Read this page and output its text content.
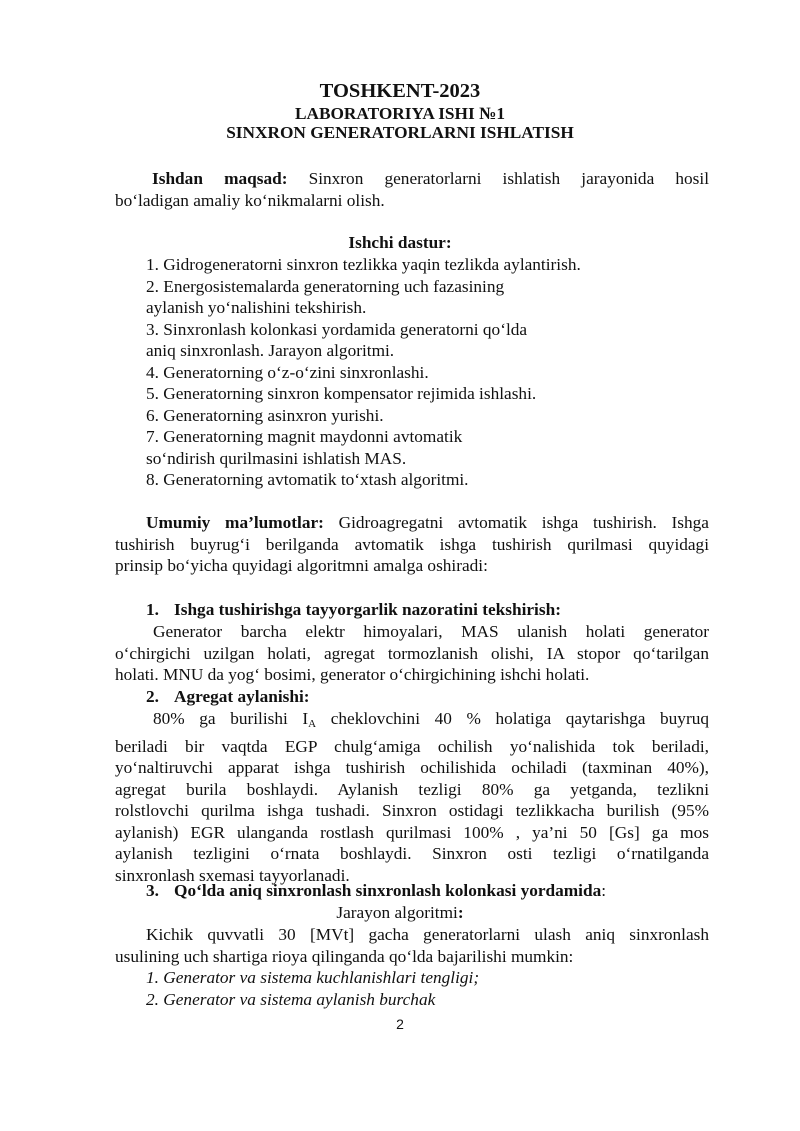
TOSHKENT-2023
LABORATORIYA ISHI №1
SINXRON GENERATORLARNI ISHLATISH
Ishdan maqsad: Sinxron generatorlarni ishlatish jarayonida hosil
bo‘ladigan amaliy ko‘nikmalarni olish.
Ishchi dastur:
1. Gidrogeneratorni sinxron tezlikka yaqin tezlikda aylantirish.
2. Energosistemalarda generatorning uch fazasining
aylanish yo‘nalishini tekshirish.
3. Sinxronlash kolonkasi yordamida generatorni qo‘lda
aniq sinxronlash. Jarayon algoritmi.
4. Generatorning o‘z-o‘zini sinxronlashi.
5. Generatorning sinxron kompensator rejimida ishlashi.
6. Generatorning asinxron yurishi.
7. Generatorning magnit maydonni avtomatik
so‘ndirish qurilmasini ishlatish MAS.
8. Generatorning avtomatik to‘xtash algoritmi.
Umumiy ma’lumotlar: Gidroagregatni avtomatik ishga tushirish. Ishga
tushirish buyrug‘i berilganda avtomatik ishga tushirish qurilmasi quyidagi
prinsip bo‘yicha quyidagi algoritmni amalga oshiradi:
1. Ishga tushirishga tayyorgarlik nazoratini tekshirish:
Generator barcha elektr himoyalari, MAS ulanish holati generator
o‘chirgichi uzilgan holati, agregat tormozlanish olishi, IA stopor qo‘tarilgan
holati. MNU da yog‘ bosimi, generator o‘chirgichining ishchi holati.
2. Agregat aylanishi:
80% ga burilishi $I_A$ cheklovchini 40 % holatiga qaytarishga buyruq
beriladi bir vaqtda EGP chulg‘amiga ochilish yo‘nalishida tok beriladi,
yo‘naltiruvchi apparat ishga tushirish ochilishida ochiladi (taxminan 40%),
agregat burila boshlaydi. Aylanish tezligi 80% ga yetganda, tezlikni
rolstlovchi qurilma ishga tushadi. Sinxron ostidagi tezlikkacha burilish (95%
aylanish) EGR ulanganda rostlash qurilmasi 100% , ya’ni 50 [Gs] ga mos
aylanish tezligini o‘rnata boshlaydi. Sinxron osti tezligi o‘rnatilganda
sinxronlash sxemasi tayyorlanadi.
3. Qo‘lda aniq sinxronlash sinxronlash kolonkasi yordamida:
Jarayon algoritmi:
Kichik quvvatli 30 [MVt] gacha generatorlarni ulash aniq sinxronlash
usulining uch shartiga rioya qilinganda qo‘lda bajarilishi mumkin:
1. Generator va sistema kuchlanishlari tengligi;
2. Generator va sistema aylanish burchak
2
